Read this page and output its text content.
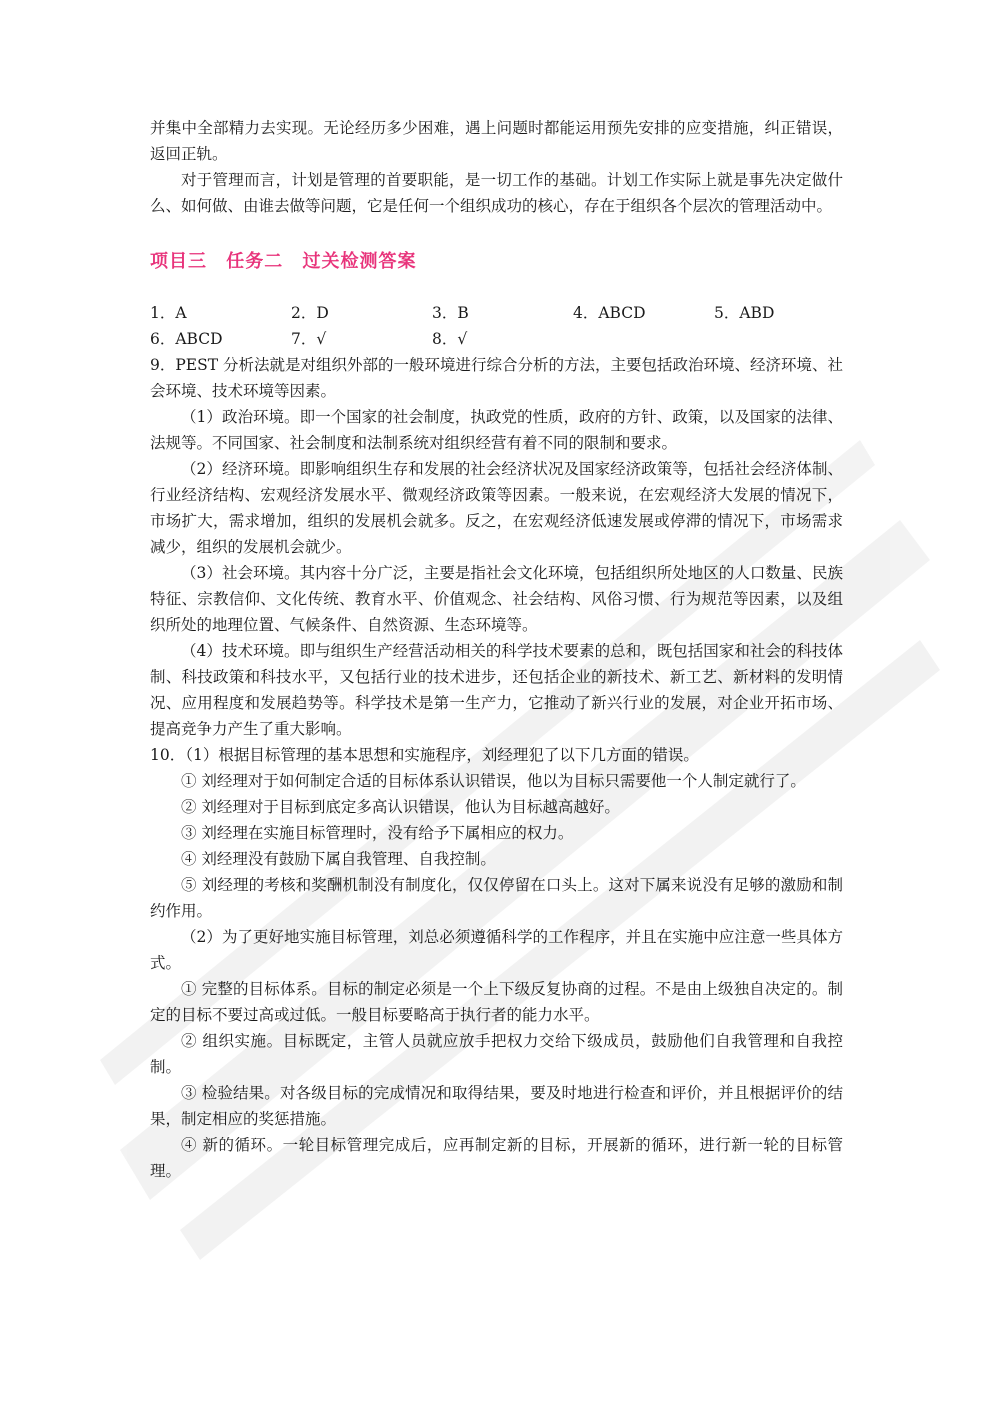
并集中全部精力去实现。无论经历多少困难，遇上问题时都能运用预先安排的应变措施，纠正错误，返回正轨。

对于管理而言，计划是管理的首要职能，是一切工作的基础。计划工作实际上就是事先决定做什么、如何做、由谁去做等问题，它是任何一个组织成功的核心，存在于组织各个层次的管理活动中。

项目三 任务二 过关检测答案
1．A	2．D	3．B	4．ABCD	5．ABD
6．ABCD	7．√	8．√

9．PEST 分析法就是对组织外部的一般环境进行综合分析的方法，主要包括政治环境、经济环境、社会环境、技术环境等因素。

（1）政治环境。即一个国家的社会制度，执政党的性质，政府的方针、政策，以及国家的法律、法规等。不同国家、社会制度和法制系统对组织经营有着不同的限制和要求。

（2）经济环境。即影响组织生存和发展的社会经济状况及国家经济政策等，包括社会经济体制、行业经济结构、宏观经济发展水平、微观经济政策等因素。一般来说，在宏观经济大发展的情况下，市场扩大，需求增加，组织的发展机会就多。反之，在宏观经济低速发展或停滞的情况下，市场需求减少，组织的发展机会就少。

（3）社会环境。其内容十分广泛，主要是指社会文化环境，包括组织所处地区的人口数量、民族特征、宗教信仰、文化传统、教育水平、价值观念、社会结构、风俗习惯、行为规范等因素，以及组织所处的地理位置、气候条件、自然资源、生态环境等。

（4）技术环境。即与组织生产经营活动相关的科学技术要素的总和，既包括国家和社会的科技体制、科技政策和科技水平，又包括行业的技术进步，还包括企业的新技术、新工艺、新材料的发明情况、应用程度和发展趋势等。科学技术是第一生产力，它推动了新兴行业的发展，对企业开拓市场、提高竞争力产生了重大影响。

10．（1）根据目标管理的基本思想和实施程序，刘经理犯了以下几方面的错误。

① 刘经理对于如何制定合适的目标体系认识错误，他以为目标只需要他一个人制定就行了。

② 刘经理对于目标到底定多高认识错误，他认为目标越高越好。

③ 刘经理在实施目标管理时，没有给予下属相应的权力。

④ 刘经理没有鼓励下属自我管理、自我控制。

⑤ 刘经理的考核和奖酬机制没有制度化，仅仅停留在口头上。这对下属来说没有足够的激励和制约作用。

（2）为了更好地实施目标管理，刘总必须遵循科学的工作程序，并且在实施中应注意一些具体方式。

① 完整的目标体系。目标的制定必须是一个上下级反复协商的过程。不是由上级独自决定的。制定的目标不要过高或过低。一般目标要略高于执行者的能力水平。

② 组织实施。目标既定，主管人员就应放手把权力交给下级成员，鼓励他们自我管理和自我控制。

③ 检验结果。对各级目标的完成情况和取得结果，要及时地进行检查和评价，并且根据评价的结果，制定相应的奖惩措施。

④ 新的循环。一轮目标管理完成后，应再制定新的目标，开展新的循环，进行新一轮的目标管理。
